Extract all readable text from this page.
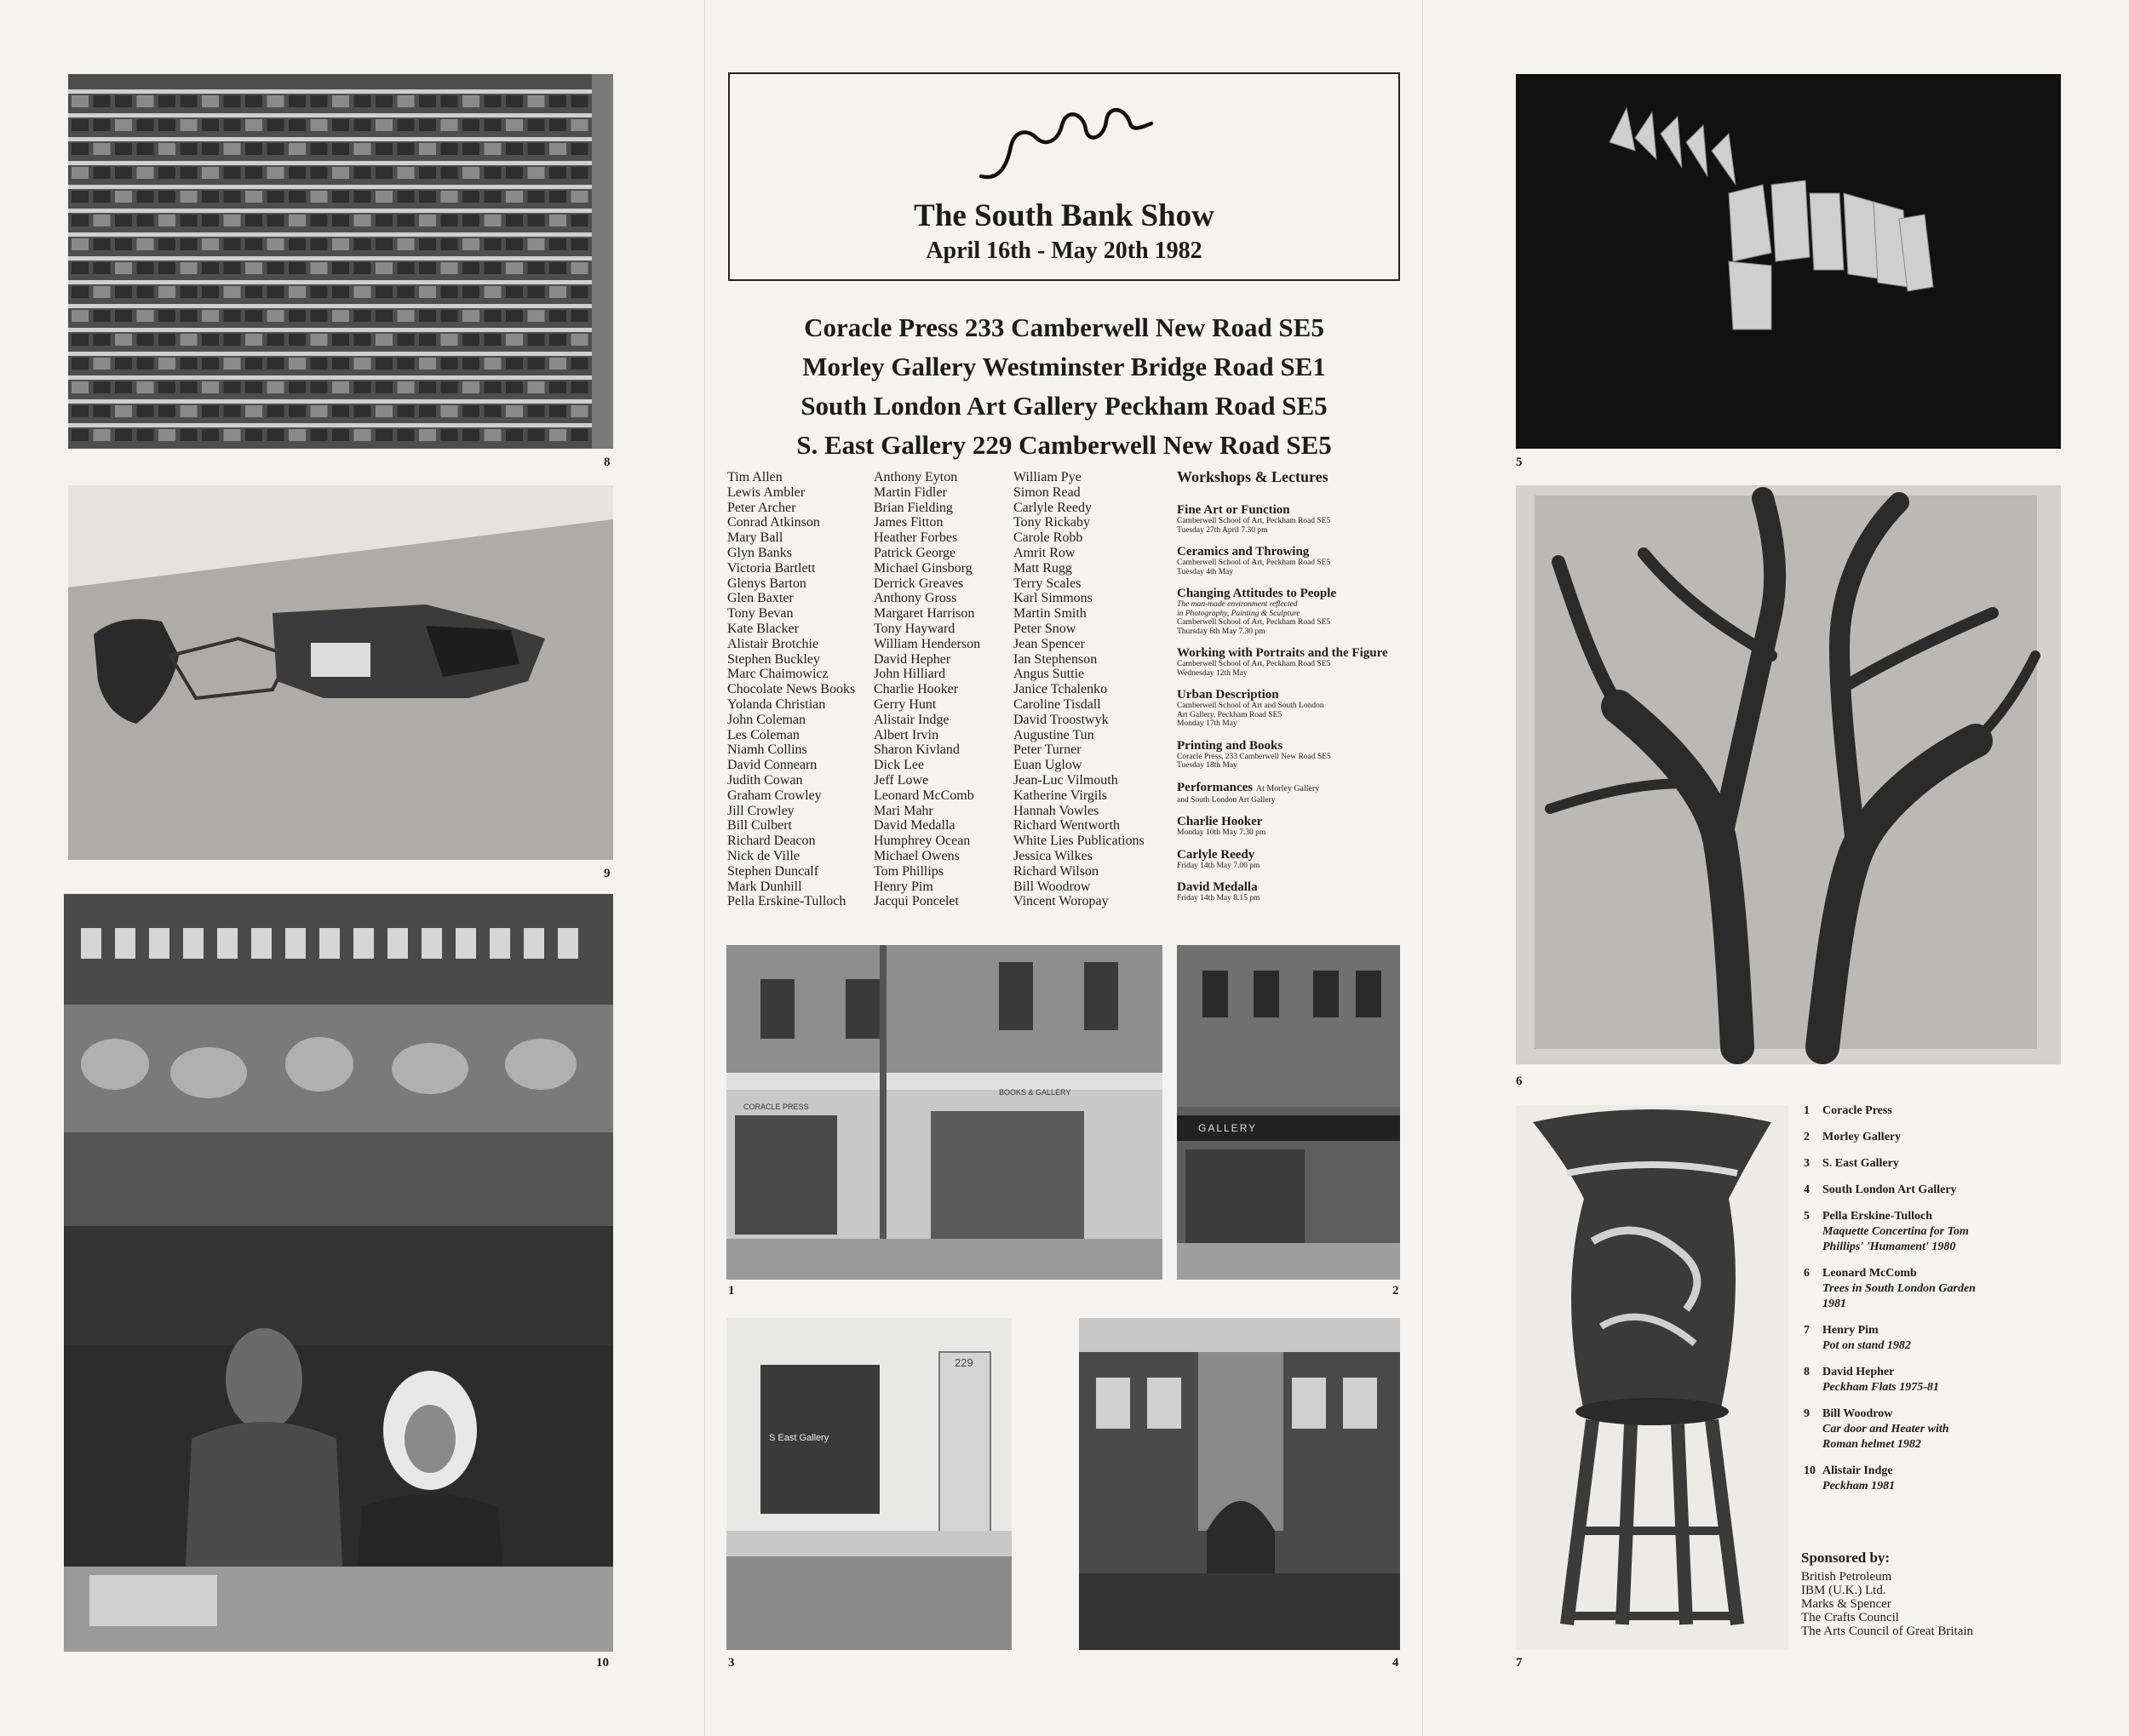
8
9
10
The South Bank Show
April 16th - May 20th 1982
Coracle Press 233 Camberwell New Road SE5
Morley Gallery Westminster Bridge Road SE1
South London Art Gallery Peckham Road SE5
S. East Gallery 229 Camberwell New Road SE5
Tim Allen
Lewis Ambler
Peter Archer
Conrad Atkinson
Mary Ball
Glyn Banks
Victoria Bartlett
Glenys Barton
Glen Baxter
Tony Bevan
Kate Blacker
Alistair Brotchie
Stephen Buckley
Marc Chaimowicz
Chocolate News Books
Yolanda Christian
John Coleman
Les Coleman
Niamh Collins
David Connearn
Judith Cowan
Graham Crowley
Jill Crowley
Bill Culbert
Richard Deacon
Nick de Ville
Stephen Duncalf
Mark Dunhill
Pella Erskine-Tulloch
Anthony Eyton
Martin Fidler
Brian Fielding
James Fitton
Heather Forbes
Patrick George
Michael Ginsborg
Derrick Greaves
Anthony Gross
Margaret Harrison
Tony Hayward
William Henderson
David Hepher
John Hilliard
Charlie Hooker
Gerry Hunt
Alistair Indge
Albert Irvin
Sharon Kivland
Dick Lee
Jeff Lowe
Leonard McComb
Mari Mahr
David Medalla
Humphrey Ocean
Michael Owens
Tom Phillips
Henry Pim
Jacqui Poncelet
William Pye
Simon Read
Carlyle Reedy
Tony Rickaby
Carole Robb
Amrit Row
Matt Rugg
Terry Scales
Karl Simmons
Martin Smith
Peter Snow
Jean Spencer
Ian Stephenson
Angus Suttie
Janice Tchalenko
Caroline Tisdall
David Troostwyk
Augustine Tun
Peter Turner
Euan Uglow
Jean-Luc Vilmouth
Katherine Virgils
Hannah Vowles
Richard Wentworth
White Lies Publications
Jessica Wilkes
Richard Wilson
Bill Woodrow
Vincent Woropay
Workshops & Lectures
Fine Art or Function
Camberwell School of Art, Peckham Road SE5
Tuesday 27th April 7.30 pm
Ceramics and Throwing
Camberwell School of Art, Peckham Road SE5
Tuesday 4th May
Changing Attitudes to People
The man-made environment reflected
in Photography, Painting & Sculpture
Camberwell School of Art, Peckham Road SE5
Thursday 6th May 7.30 pm
Working with Portraits and the Figure
Camberwell School of Art, Peckham Road SE5
Wednesday 12th May
Urban Description
Camberwell School of Art and South London
Art Gallery, Peckham Road SE5
Monday 17th May
Printing and Books
Coracle Press, 233 Camberwell New Road SE5
Tuesday 18th May
Performances At Morley Gallery
and South London Art Gallery
Charlie Hooker
Monday 10th May 7.30 pm
Carlyle Reedy
Friday 14th May 7.00 pm
David Medalla
Friday 14th May 8.15 pm
CORACLE PRESS
BOOKS & GALLERY
1
GALLERY
2
S East Gallery
229
3	4
5
6
7
1	Coracle Press
2	Morley Gallery
3	S. East Gallery
4	South London Art Gallery
5	Pella Erskine-Tulloch
Maquette Concertina for Tom
Phillips' 'Humament' 1980
6	Leonard McComb
Trees in South London Garden
1981
7	Henry Pim
Pot on stand 1982
8	David Hepher
Peckham Flats 1975-81
9	Bill Woodrow
Car door and Heater with
Roman helmet 1982
10 Alistair Indge
Peckham 1981
Sponsored by:
British Petroleum
IBM (U.K.) Ltd.
Marks & Spencer
The Crafts Council
The Arts Council of Great Britain
